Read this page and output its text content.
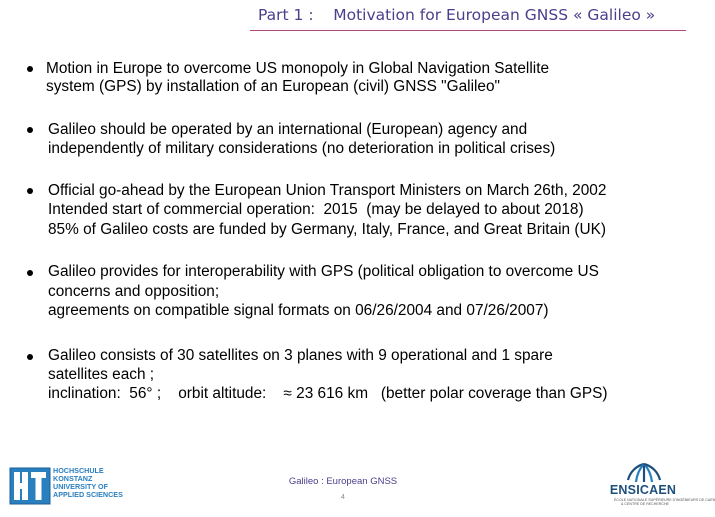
Part 1 :    Motivation for European GNSS « Galileo »
Motion in Europe to overcome US monopoly in Global Navigation Satellite
system (GPS) by installation of an European (civil) GNSS "Galileo"
Galileo should be operated by an international (European) agency and
independently of military considerations (no deterioration in political crises)
Official go-ahead by the European Union Transport Ministers on March 26th, 2002
Intended start of commercial operation:  2015  (may be delayed to about 2018)
85% of Galileo costs are funded by Germany, Italy, France, and Great Britain (UK)
Galileo provides for interoperability with GPS (political obligation to overcome US
concerns and opposition;
agreements on compatible signal formats on 06/26/2004 and 07/26/2007)
Galileo consists of 30 satellites on 3 planes with 9 operational and 1 spare
satellites each ;
inclination:  56° ;    orbit altitude:    ≈ 23 616 km   (better polar coverage than GPS)
HOCHSCHULE
KONSTANZ
UNIVERSITY OF
APPLIED SCIENCES
Galileo : European GNSS
4
ENSICAEN
ÉCOLE NATIONALE SUPÉRIEURE D'INGÉNIEURS DE CAEN
& CENTRE DE RECHERCHE
